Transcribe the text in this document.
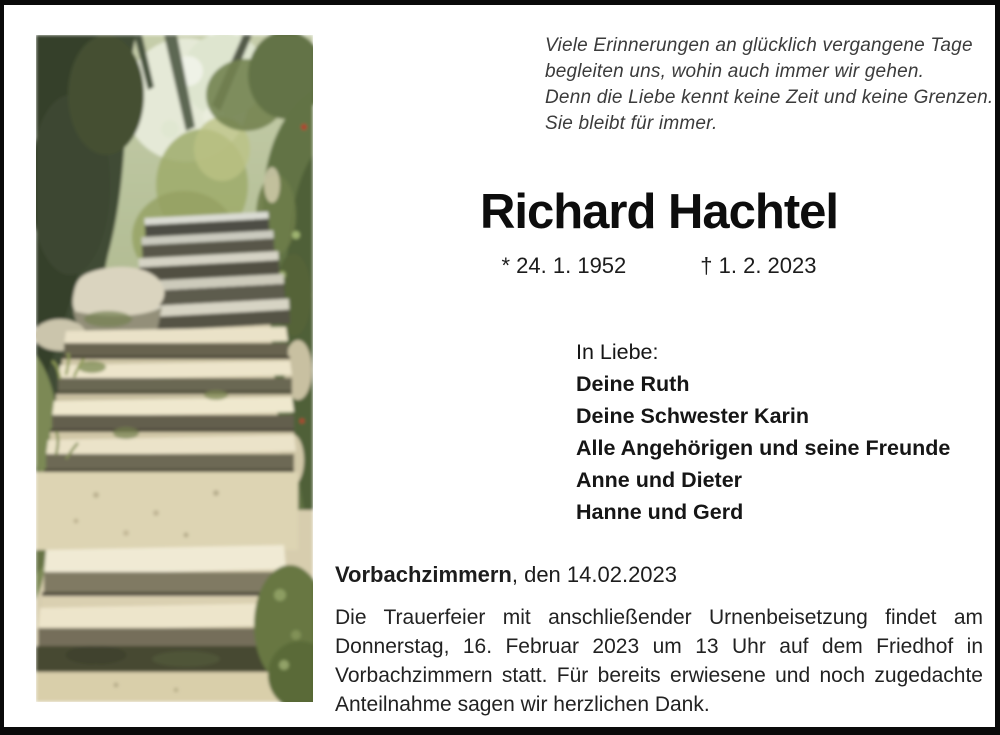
Viele Erinnerungen an glücklich vergangene Tage
begleiten uns, wohin auch immer wir gehen.
Denn die Liebe kennt keine Zeit und keine Grenzen.
Sie bleibt für immer.
Richard Hachtel
* 24. 1. 1952	† 1. 2. 2023
In Liebe:
Deine Ruth
Deine Schwester Karin
Alle Angehörigen und seine Freunde
Anne und Dieter
Hanne und Gerd
Vorbachzimmern, den 14.02.2023

Die Trauerfeier mit anschließender Urnenbeisetzung findet am Donnerstag, 16. Februar 2023 um 13 Uhr auf dem Friedhof in Vorbachzimmern statt. Für bereits erwiesene und noch zugedachte Anteilnahme sagen wir herzlichen Dank.
